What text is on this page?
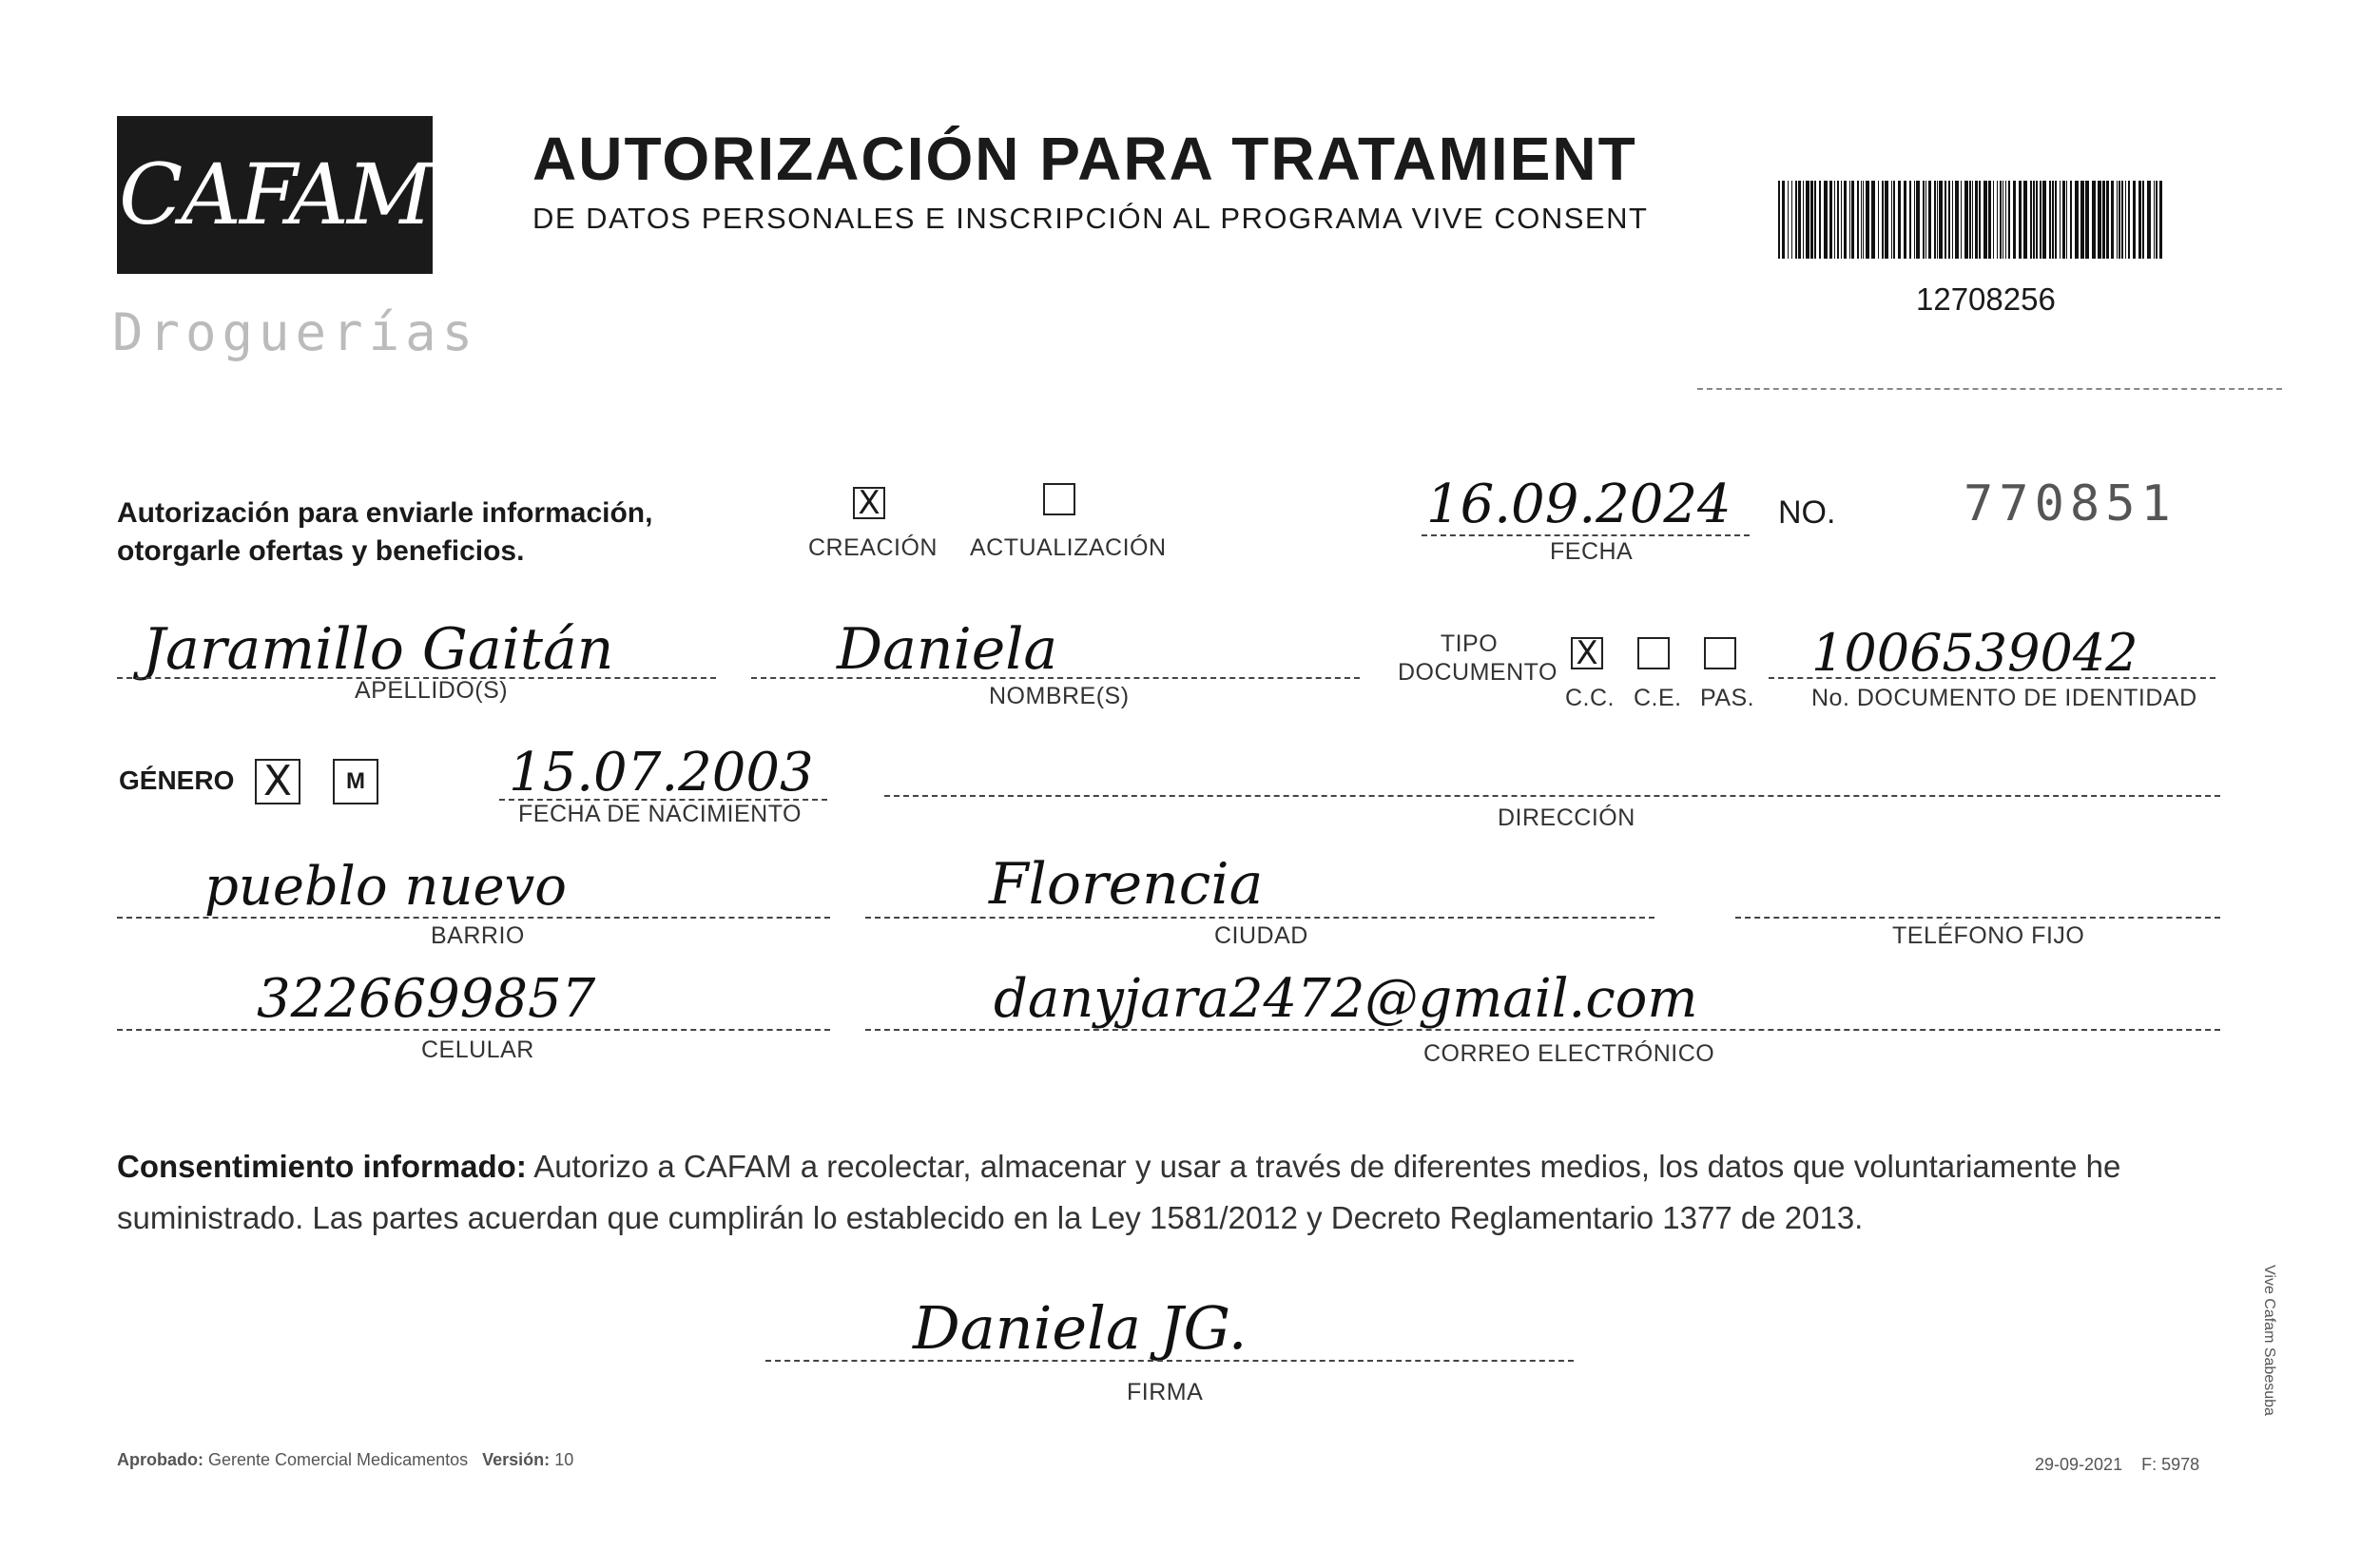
CAFAM
Droguerías
AUTORIZACIÓN PARA TRATAMIENT
DE DATOS PERSONALES E INSCRIPCIÓN AL PROGRAMA VIVE CONSENT
12708256
Autorización para enviarle información, otorgarle ofertas y beneficios.
X
CREACIÓN ACTUALIZACIÓN
16.09.2024
FECHA
NO.	770851
Jaramillo Gaitán
APELLIDO(S)
Daniela
NOMBRE(S)
TIPO DOCUMENTO X
C.C. C.E. PAS.
1006539042
No. DOCUMENTO DE IDENTIDAD
GÉNERO X	M	15.07.2003
FECHA DE NACIMIENTO	DIRECCIÓN
pueblo nuevo
BARRIO
Florencia
CIUDAD	TELÉFONO FIJO
3226699857
CELULAR
danyjara2472@gmail.com
CORREO ELECTRÓNICO
Consentimiento informado: Autorizo a CAFAM a recolectar, almacenar y usar a través de diferentes medios, los datos que voluntariamente he suministrado. Las partes acuerdan que cumplirán lo establecido en la Ley 1581/2012 y Decreto Reglamentario 1377 de 2013.
Daniela JG.
FIRMA
Aprobado: Gerente Comercial Medicamentos Versión: 10	29-09-2021 F: 5978
Vive Cafam Sabesuba
